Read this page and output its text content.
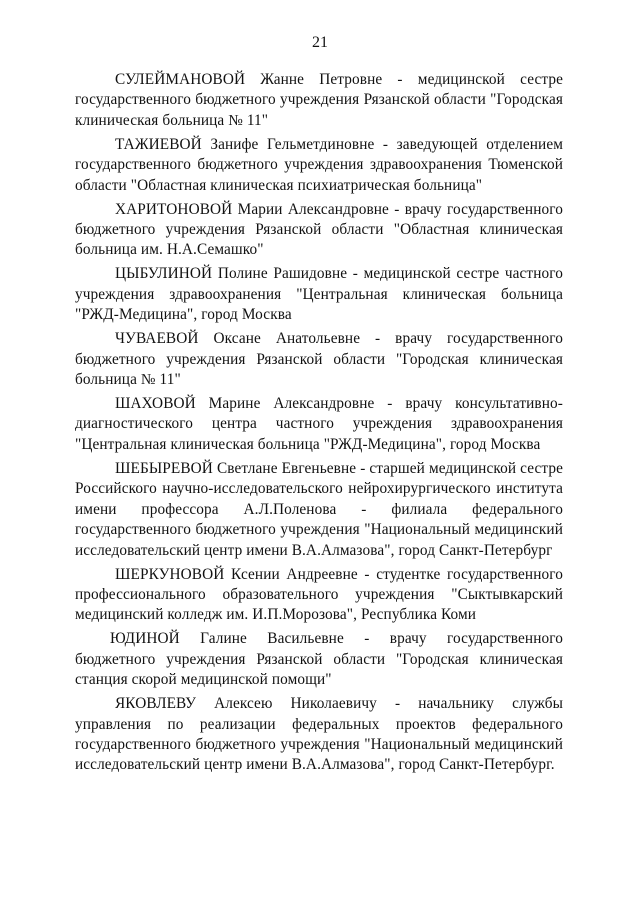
21

СУЛЕЙМАНОВОЙ Жанне Петровне - медицинской сестре государственного бюджетного учреждения Рязанской области "Городская клиническая больница № 11"

ТАЖИЕВОЙ Занифе Гельметдиновне - заведующей отделением государственного бюджетного учреждения здравоохранения Тюменской области "Областная клиническая психиатрическая больница"

ХАРИТОНОВОЙ Марии Александровне - врачу государственного бюджетного учреждения Рязанской области "Областная клиническая больница им. Н.А.Семашко"

ЦЫБУЛИНОЙ Полине Рашидовне - медицинской сестре частного учреждения здравоохранения "Центральная клиническая больница "РЖД-Медицина", город Москва

ЧУВАЕВОЙ Оксане Анатольевне - врачу государственного бюджетного учреждения Рязанской области "Городская клиническая больница № 11"

ШАХОВОЙ Марине Александровне - врачу консультативно-диагностического центра частного учреждения здравоохранения "Центральная клиническая больница "РЖД-Медицина", город Москва

ШЕБЫРЕВОЙ Светлане Евгеньевне - старшей медицинской сестре Российского научно-исследовательского нейрохирургического института имени профессора А.Л.Поленова - филиала федерального государственного бюджетного учреждения "Национальный медицинский исследовательский центр имени В.А.Алмазова", город Санкт-Петербург

ШЕРКУНОВОЙ Ксении Андреевне - студентке государственного профессионального образовательного учреждения "Сыктывкарский медицинский колледж им. И.П.Морозова", Республика Коми

ЮДИНОЙ Галине Васильевне - врачу государственного бюджетного учреждения Рязанской области "Городская клиническая станция скорой медицинской помощи"

ЯКОВЛЕВУ Алексею Николаевичу - начальнику службы управления по реализации федеральных проектов федерального государственного бюджетного учреждения "Национальный медицинский исследовательский центр имени В.А.Алмазова", город Санкт-Петербург.
